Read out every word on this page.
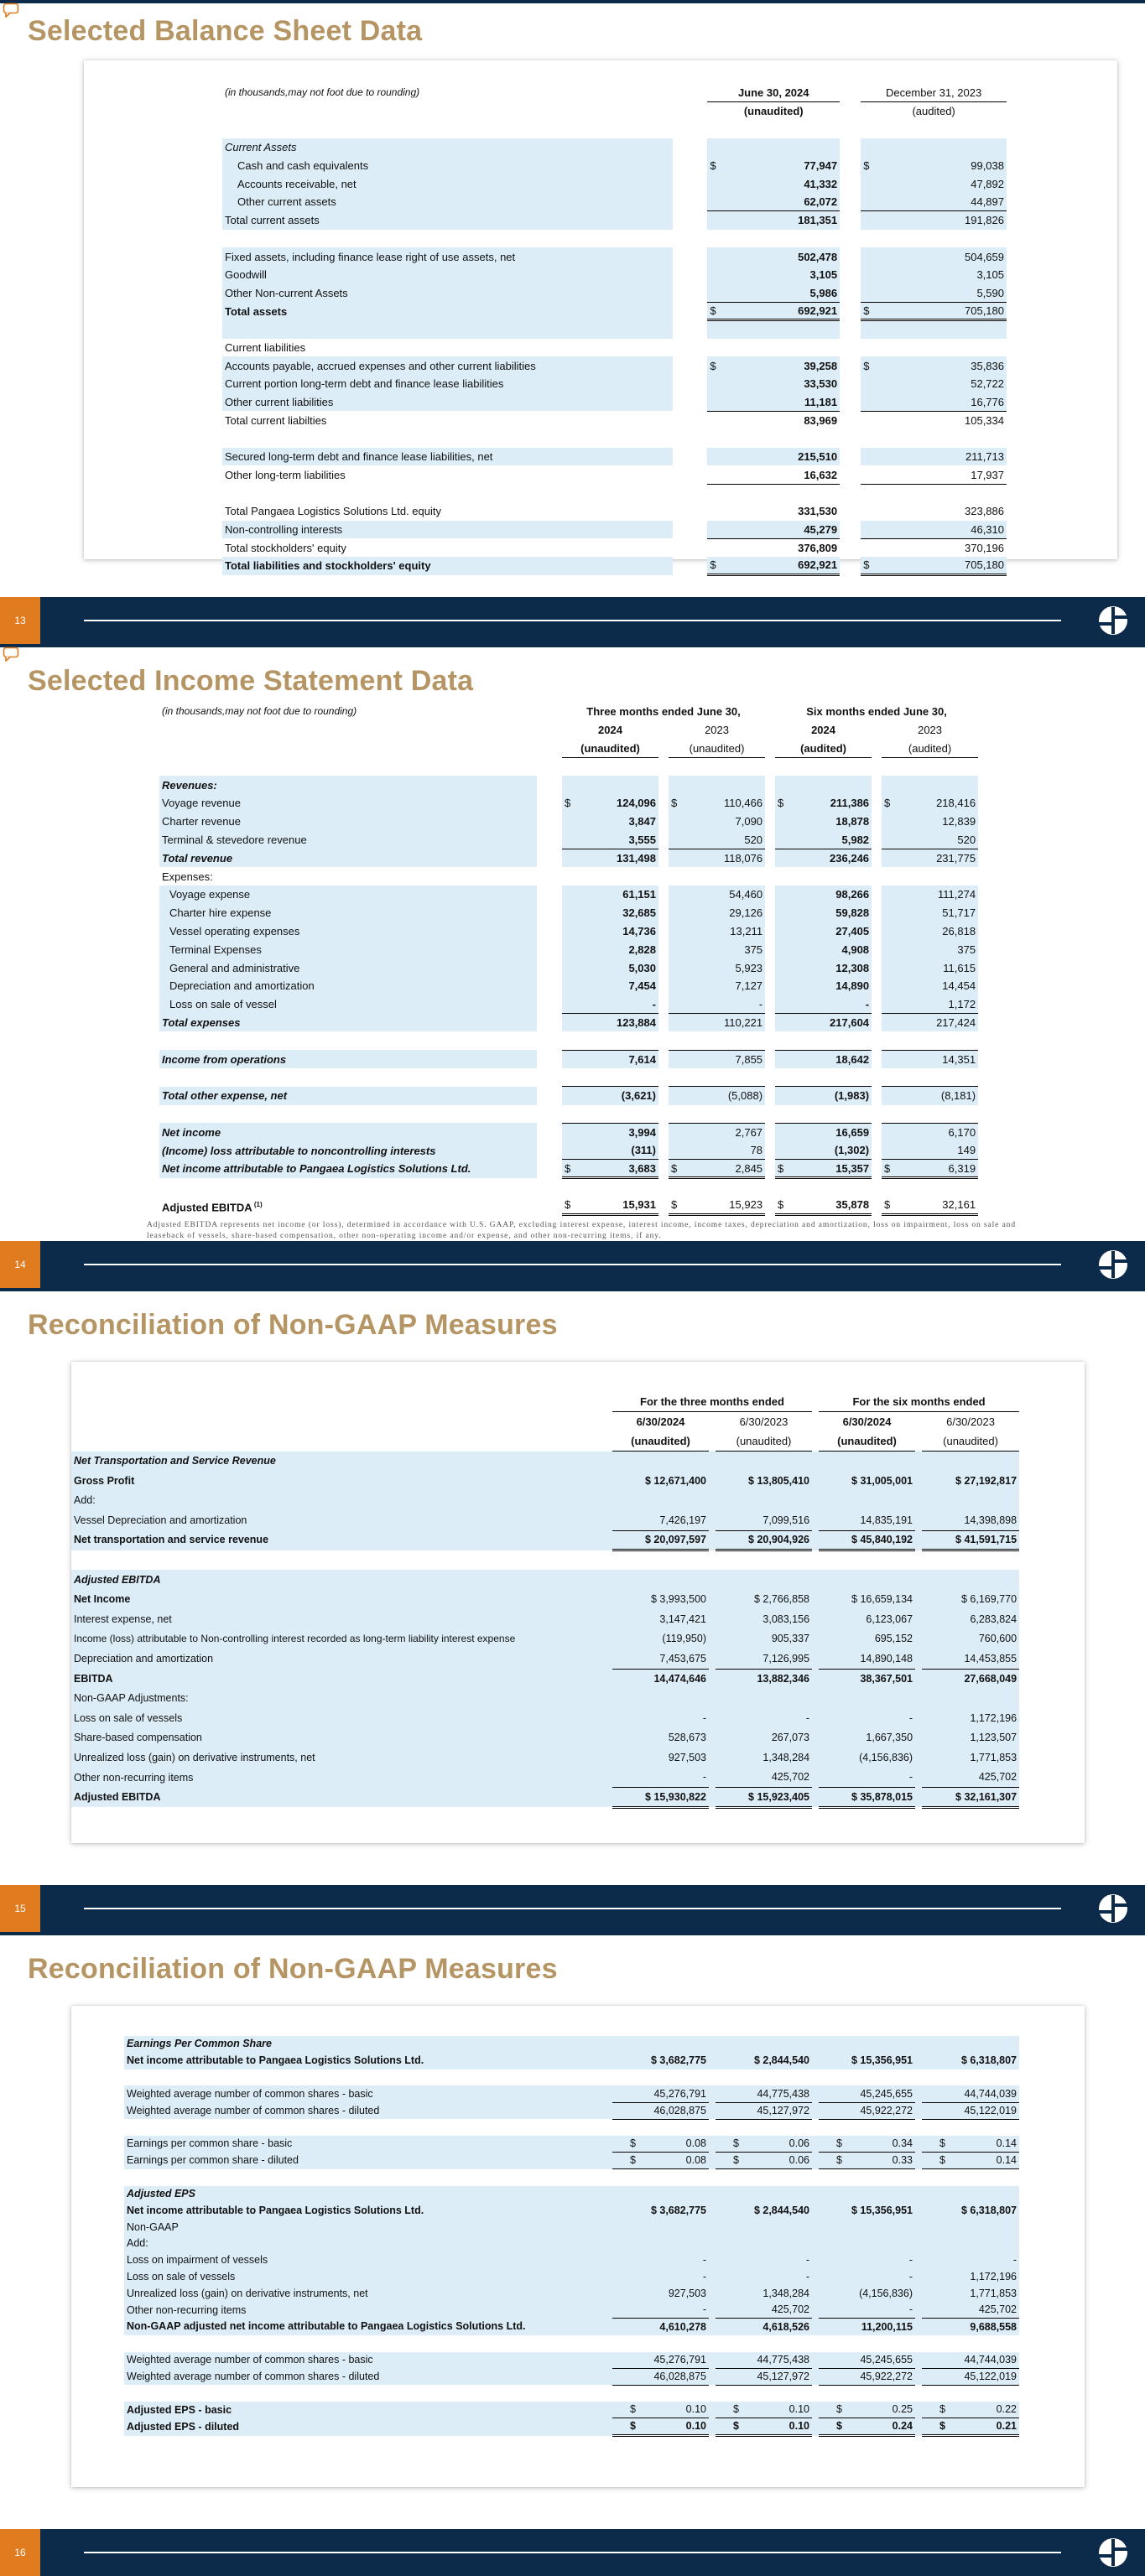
Selected Balance Sheet Data
(in thousands,may not foot due to rounding)		June 30, 2024			December 31, 2023	
		(unaudited)			(audited)	

Current Assets						
Cash and cash equivalents		$	77,947		$	99,038
Accounts receivable, net			41,332			47,892
Other current assets			62,072			44,897
Total current assets			181,351			191,826

Fixed assets, including finance lease right of use assets, net			502,478			504,659
Goodwill			3,105			3,105
Other Non-current Assets			5,986			5,590
Total assets		$	692,921		$	705,180

Current liabilities						
Accounts payable, accrued expenses and other current liabilities		$	39,258		$	35,836
Current portion long-term debt and finance lease liabilities			33,530			52,722
Other current liabilities			11,181			16,776
Total current liabilties			83,969			105,334

Secured long-term debt and finance lease liabilities, net			215,510			211,713
Other long-term liabilities			16,632			17,937

Total Pangaea Logistics Solutions Ltd. equity			331,530			323,886
Non-controlling interests			45,279			46,310
Total stockholders' equity			376,809			370,196
Total liabilities and stockholders' equity		$	692,921		$	705,180
13
Selected Income Statement Data
(in thousands,may not foot due to rounding)		Three months ended June 30,						Six months ended June 30,				
		2024			2023			2024			2023	
		(unaudited)			(unaudited)			(audited)			(audited)	

Revenues:												
Voyage revenue		$	124,096		$	110,466		$	211,386		$	218,416
Charter revenue			3,847			7,090			18,878			12,839
Terminal & stevedore revenue			3,555			520			5,982			520
Total revenue			131,498			118,076			236,246			231,775
Expenses:												
Voyage expense			61,151			54,460			98,266			111,274
Charter hire expense			32,685			29,126			59,828			51,717
Vessel operating expenses			14,736			13,211			27,405			26,818
Terminal Expenses			2,828			375			4,908			375
General and administrative			5,030			5,923			12,308			11,615
Depreciation and amortization			7,454			7,127			14,890			14,454
Loss on sale of vessel			-			-			-			1,172
Total expenses			123,884			110,221			217,604			217,424

Income from operations			7,614			7,855			18,642			14,351

Total other expense, net			(3,621)			(5,088)			(1,983)			(8,181)

Net income			3,994			2,767			16,659			6,170
(Income) loss attributable to noncontrolling interests			(311)			78			(1,302)			149
Net income attributable to Pangaea Logistics Solutions Ltd.		$	3,683		$	2,845		$	15,357		$	6,319

Adjusted EBITDA $^{(1)}$		$	15,931		$	15,923		$	35,878		$	32,161
Adjusted EBITDA represents net income (or loss), determined in accordance with U.S. GAAP, excluding interest expense, interest income, income taxes, depreciation and amortization, loss on impairment, loss on sale and leaseback of vessels, share-based compensation, other non-operating income and/or expense, and other non-recurring items, if any.
14
Reconciliation of Non-GAAP Measures
		For the three months ended				For the six months ended		
		6/30/2024		6/30/2023		6/30/2024		6/30/2023
		(unaudited)		(unaudited)		(unaudited)		(unaudited)
Net Transportation and Service Revenue								
Gross Profit		$ 12,671,400		$ 13,805,410		$ 31,005,001		$ 27,192,817
Add:								
Vessel Depreciation and amortization		7,426,197		7,099,516		14,835,191		14,398,898
Net transportation and service revenue		$ 20,097,597		$ 20,904,926		$ 45,840,192		$ 41,591,715

Adjusted EBITDA								
Net Income		$ 3,993,500		$ 2,766,858		$ 16,659,134		$ 6,169,770
Interest expense, net		3,147,421		3,083,156		6,123,067		6,283,824
Income (loss) attributable to Non-controlling interest recorded as long-term liability interest expense		(119,950)		905,337		695,152		760,600
Depreciation and amortization		7,453,675		7,126,995		14,890,148		14,453,855
EBITDA		14,474,646		13,882,346		38,367,501		27,668,049
Non-GAAP Adjustments:								
Loss on sale of vessels		-		-		-		1,172,196
Share-based compensation		528,673		267,073		1,667,350		1,123,507
Unrealized loss (gain) on derivative instruments, net		927,503		1,348,284		(4,156,836)		1,771,853
Other non-recurring items		-		425,702		-		425,702
Adjusted EBITDA		$ 15,930,822		$ 15,923,405		$ 35,878,015		$ 32,161,307
15
Reconciliation of Non-GAAP Measures
Earnings Per Common Share								
Net income attributable to Pangaea Logistics Solutions Ltd.		$ 3,682,775		$ 2,844,540		$ 15,356,951		$ 6,318,807

Weighted average number of common shares - basic		45,276,791		44,775,438		45,245,655		44,744,039
Weighted average number of common shares - diluted		46,028,875		45,127,972		45,922,272		45,122,019

Earnings per common share - basic		$ 0.08		$ 0.06		$ 0.34		$ 0.14
Earnings per common share - diluted		$ 0.08		$ 0.06		$ 0.33		$ 0.14

Adjusted EPS								
Net income attributable to Pangaea Logistics Solutions Ltd.		$ 3,682,775		$ 2,844,540		$ 15,356,951		$ 6,318,807
Non-GAAP								
Add:								
Loss on impairment of vessels		-		-		-		-
Loss on sale of vessels		-		-		-		1,172,196
Unrealized loss (gain) on derivative instruments, net		927,503		1,348,284		(4,156,836)		1,771,853
Other non-recurring items		-		425,702		-		425,702
Non-GAAP adjusted net income attributable to Pangaea Logistics Solutions Ltd.		4,610,278		4,618,526		11,200,115		9,688,558

Weighted average number of common shares - basic		45,276,791		44,775,438		45,245,655		44,744,039
Weighted average number of common shares - diluted		46,028,875		45,127,972		45,922,272		45,122,019

Adjusted EPS - basic		$ 0.10		$ 0.10		$ 0.25		$ 0.22
Adjusted EPS - diluted		$ 0.10		$ 0.10		$ 0.24		$ 0.21
16
